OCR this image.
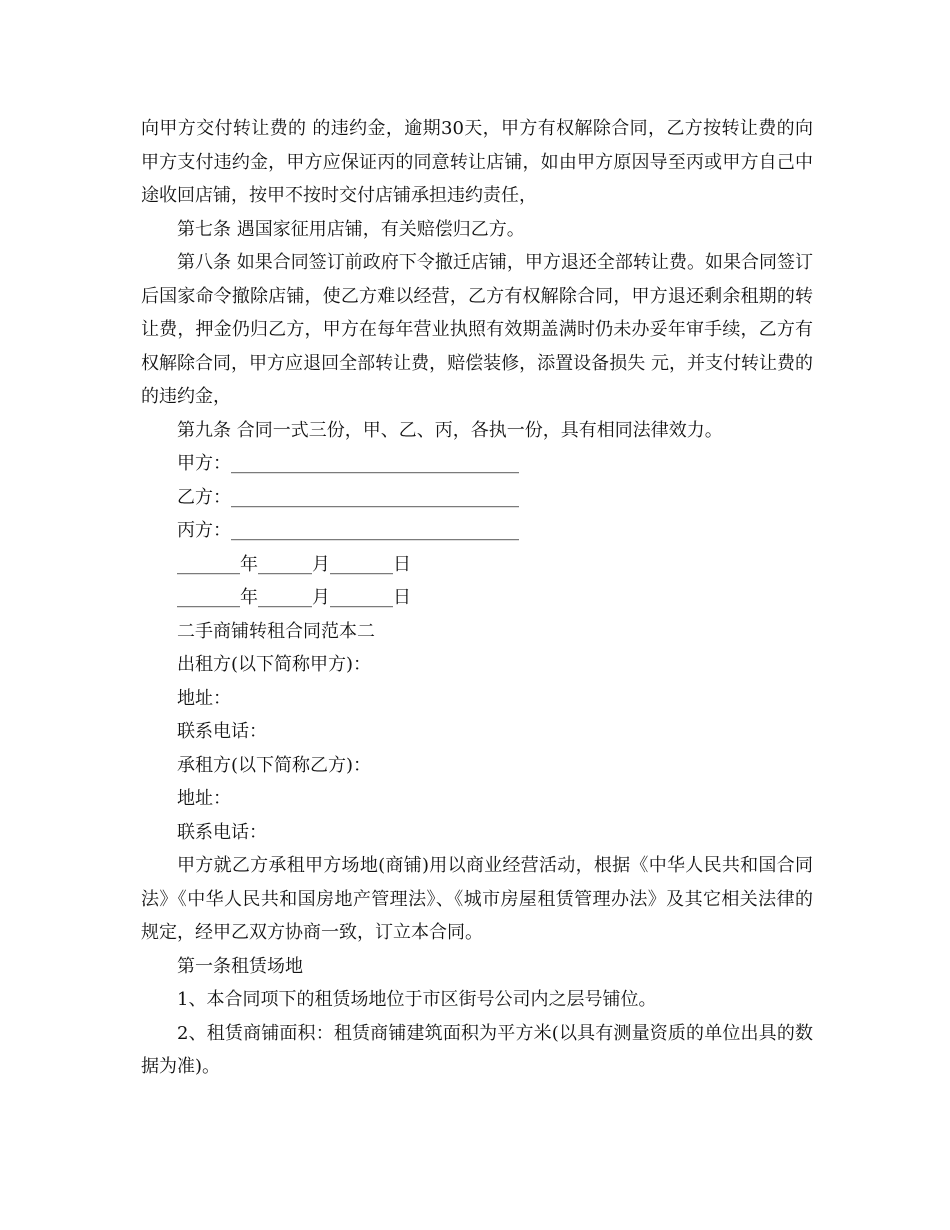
向甲方交付转让费的 的违约金，逾期30天，甲方有权解除合同，乙方按转让费的向甲方支付违约金，甲方应保证丙的同意转让店铺，如由甲方原因导至丙或甲方自己中途收回店铺，按甲不按时交付店铺承担违约责任，

第七条 遇国家征用店铺，有关赔偿归乙方。

第八条 如果合同签订前政府下令撤迁店铺，甲方退还全部转让费。如果合同签订后国家命令撤除店铺，使乙方难以经营，乙方有权解除合同，甲方退还剩余租期的转让费，押金仍归乙方，甲方在每年营业执照有效期盖满时仍未办妥年审手续，乙方有权解除合同，甲方应退回全部转让费，赔偿装修，添置设备损失 元，并支付转让费的 的违约金，

第九条 合同一式三份，甲、乙、丙，各执一份，具有相同法律效力。

甲方：________________________________

乙方：________________________________

丙方：________________________________

_______年______月_______日

_______年______月_______日

二手商铺转租合同范本二

出租方(以下简称甲方)：

地址：

联系电话：

承租方(以下简称乙方)：

地址：

联系电话：

甲方就乙方承租甲方场地(商铺)用以商业经营活动，根据《中华人民共和国合同法》《中华人民共和国房地产管理法》、《城市房屋租赁管理办法》及其它相关法律的规定，经甲乙双方协商一致，订立本合同。

第一条租赁场地

1、本合同项下的租赁场地位于市区街号公司内之层号铺位。

2、租赁商铺面积：租赁商铺建筑面积为平方米(以具有测量资质的单位出具的数据为准)。
